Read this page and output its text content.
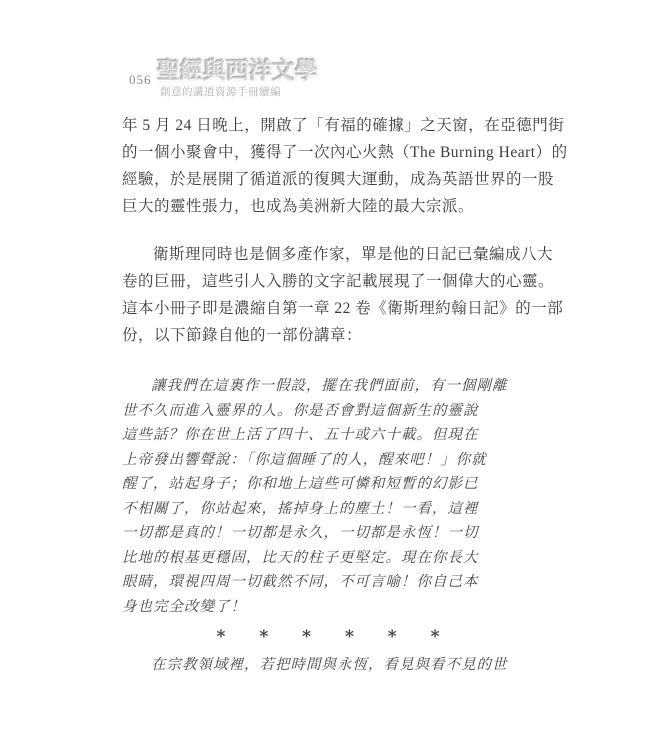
056 聖經與西洋文學
創意的講道資源手冊續編
年 5 月 24 日晚上，開啟了「有福的確據」之天窗，在亞德門街
的一個小聚會中，獲得了一次內心火熱（The Burning Heart）的
經驗，於是展開了循道派的復興大運動，成為英語世界的一股
巨大的靈性張力，也成為美洲新大陸的最大宗派。
衛斯理同時也是個多產作家，單是他的日記已彙編成八大
卷的巨冊，這些引人入勝的文字記載展現了一個偉大的心靈。
這本小冊子即是濃縮自第一章 22 卷《衛斯理約翰日記》的一部
份，以下節錄自他的一部份講章：
讓我們在這裏作一假設，擺在我們面前，有一個剛離
世不久而進入靈界的人。你是否會對這個新生的靈說
這些話？你在世上活了四十、五十或六十載。但現在
上帝發出響聲說：「你這個睡了的人，醒來吧！」你就
醒了，站起身子；你和地上這些可憐和短暫的幻影已
不相關了，你站起來，搖掉身上的塵土！一看，這裡
一切都是真的！一切都是永久，一切都是永恆！一切
比地的根基更穩固，比天的柱子更堅定。現在你長大
眼睛，環視四周一切截然不同，不可言喻！你自己本
身也完全改變了！
* * * * * *
在宗教領域裡，若把時間與永恆，看見與看不見的世
